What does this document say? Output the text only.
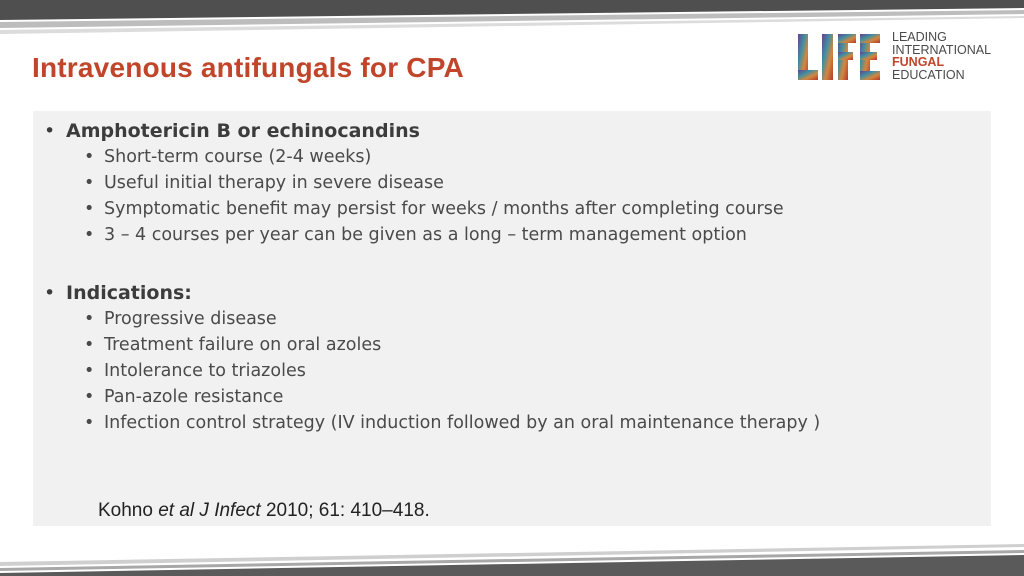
Intravenous antifungals for CPA
LEADING
INTERNATIONAL
FUNGAL
EDUCATION
• Amphotericin B or echinocandins
• Short-term course (2-4 weeks)
• Useful initial therapy in severe disease
• Symptomatic benefit may persist for weeks / months after completing course
• 3 – 4 courses per year can be given as a long – term management option
• Indications:
• Progressive disease
• Treatment failure on oral azoles
• Intolerance to triazoles
• Pan-azole resistance
• Infection control strategy (IV induction followed by an oral maintenance therapy )
Kohno et al J Infect 2010; 61: 410–418.
